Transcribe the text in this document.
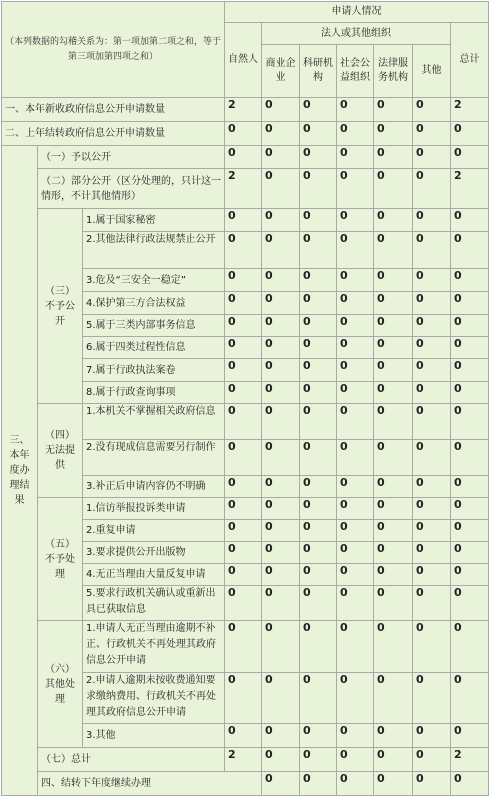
（本列数据的勾稽关系为：第一项加第二项之和，等于第三项加第四项之和）			申请人情况							
			自然人	法人或其他组织					总计	
				商业企业	科研机构	社会公益组织	法律服务机构	其他		
一、本年新收政府信息公开申请数量			2	0	0	0	0	0	2	
二、上年结转政府信息公开申请数量			0	0	0	0	0	0	0	
三、本年度办理结果	（一）予以公开		0	0	0	0	0	0	0	
	（二）部分公开（区分处理的，只计这一情形，不计其他情形）		2	0	0	0	0	0	2	
	（三）不予公开	1.属于国家秘密	0	0	0	0	0	0	0	
		2.其他法律行政法规禁止公开	0	0	0	0	0	0	0	
		3.危及“三安全一稳定”	0	0	0	0	0	0	0	
		4.保护第三方合法权益	0	0	0	0	0	0	0	
		5.属于三类内部事务信息	0	0	0	0	0	0	0	
		6.属于四类过程性信息	0	0	0	0	0	0	0	
		7.属于行政执法案卷	0	0	0	0	0	0	0	
		8.属于行政查询事项	0	0	0	0	0	0	0	
	（四）无法提供	1.本机关不掌握相关政府信息	0	0	0	0	0	0	0	
		2.没有现成信息需要另行制作	0	0	0	0	0	0	0	
		3.补正后申请内容仍不明确	0	0	0	0	0	0	0	
	（五）不予处理	1.信访举报投诉类申请	0	0	0	0	0	0	0	
		2.重复申请	0	0	0	0	0	0	0	
		3.要求提供公开出版物	0	0	0	0	0	0	0	
		4.无正当理由大量反复申请	0	0	0	0	0	0	0	
		5.要求行政机关确认或重新出具已获取信息	0	0	0	0	0	0	0	
	（六）其他处理	1.申请人无正当理由逾期不补正、行政机关不再处理其政府信息公开申请	0	0	0	0	0	0	0	
		2.申请人逾期未按收费通知要求缴纳费用、行政机关不再处理其政府信息公开申请	0	0	0	0	0	0	0	
		3.其他	0	0	0	0	0	0	0	
	（七）总计		2	0	0	0	0	0	2	
	四、结转下年度继续办理			0	0	0	0	0	0	
